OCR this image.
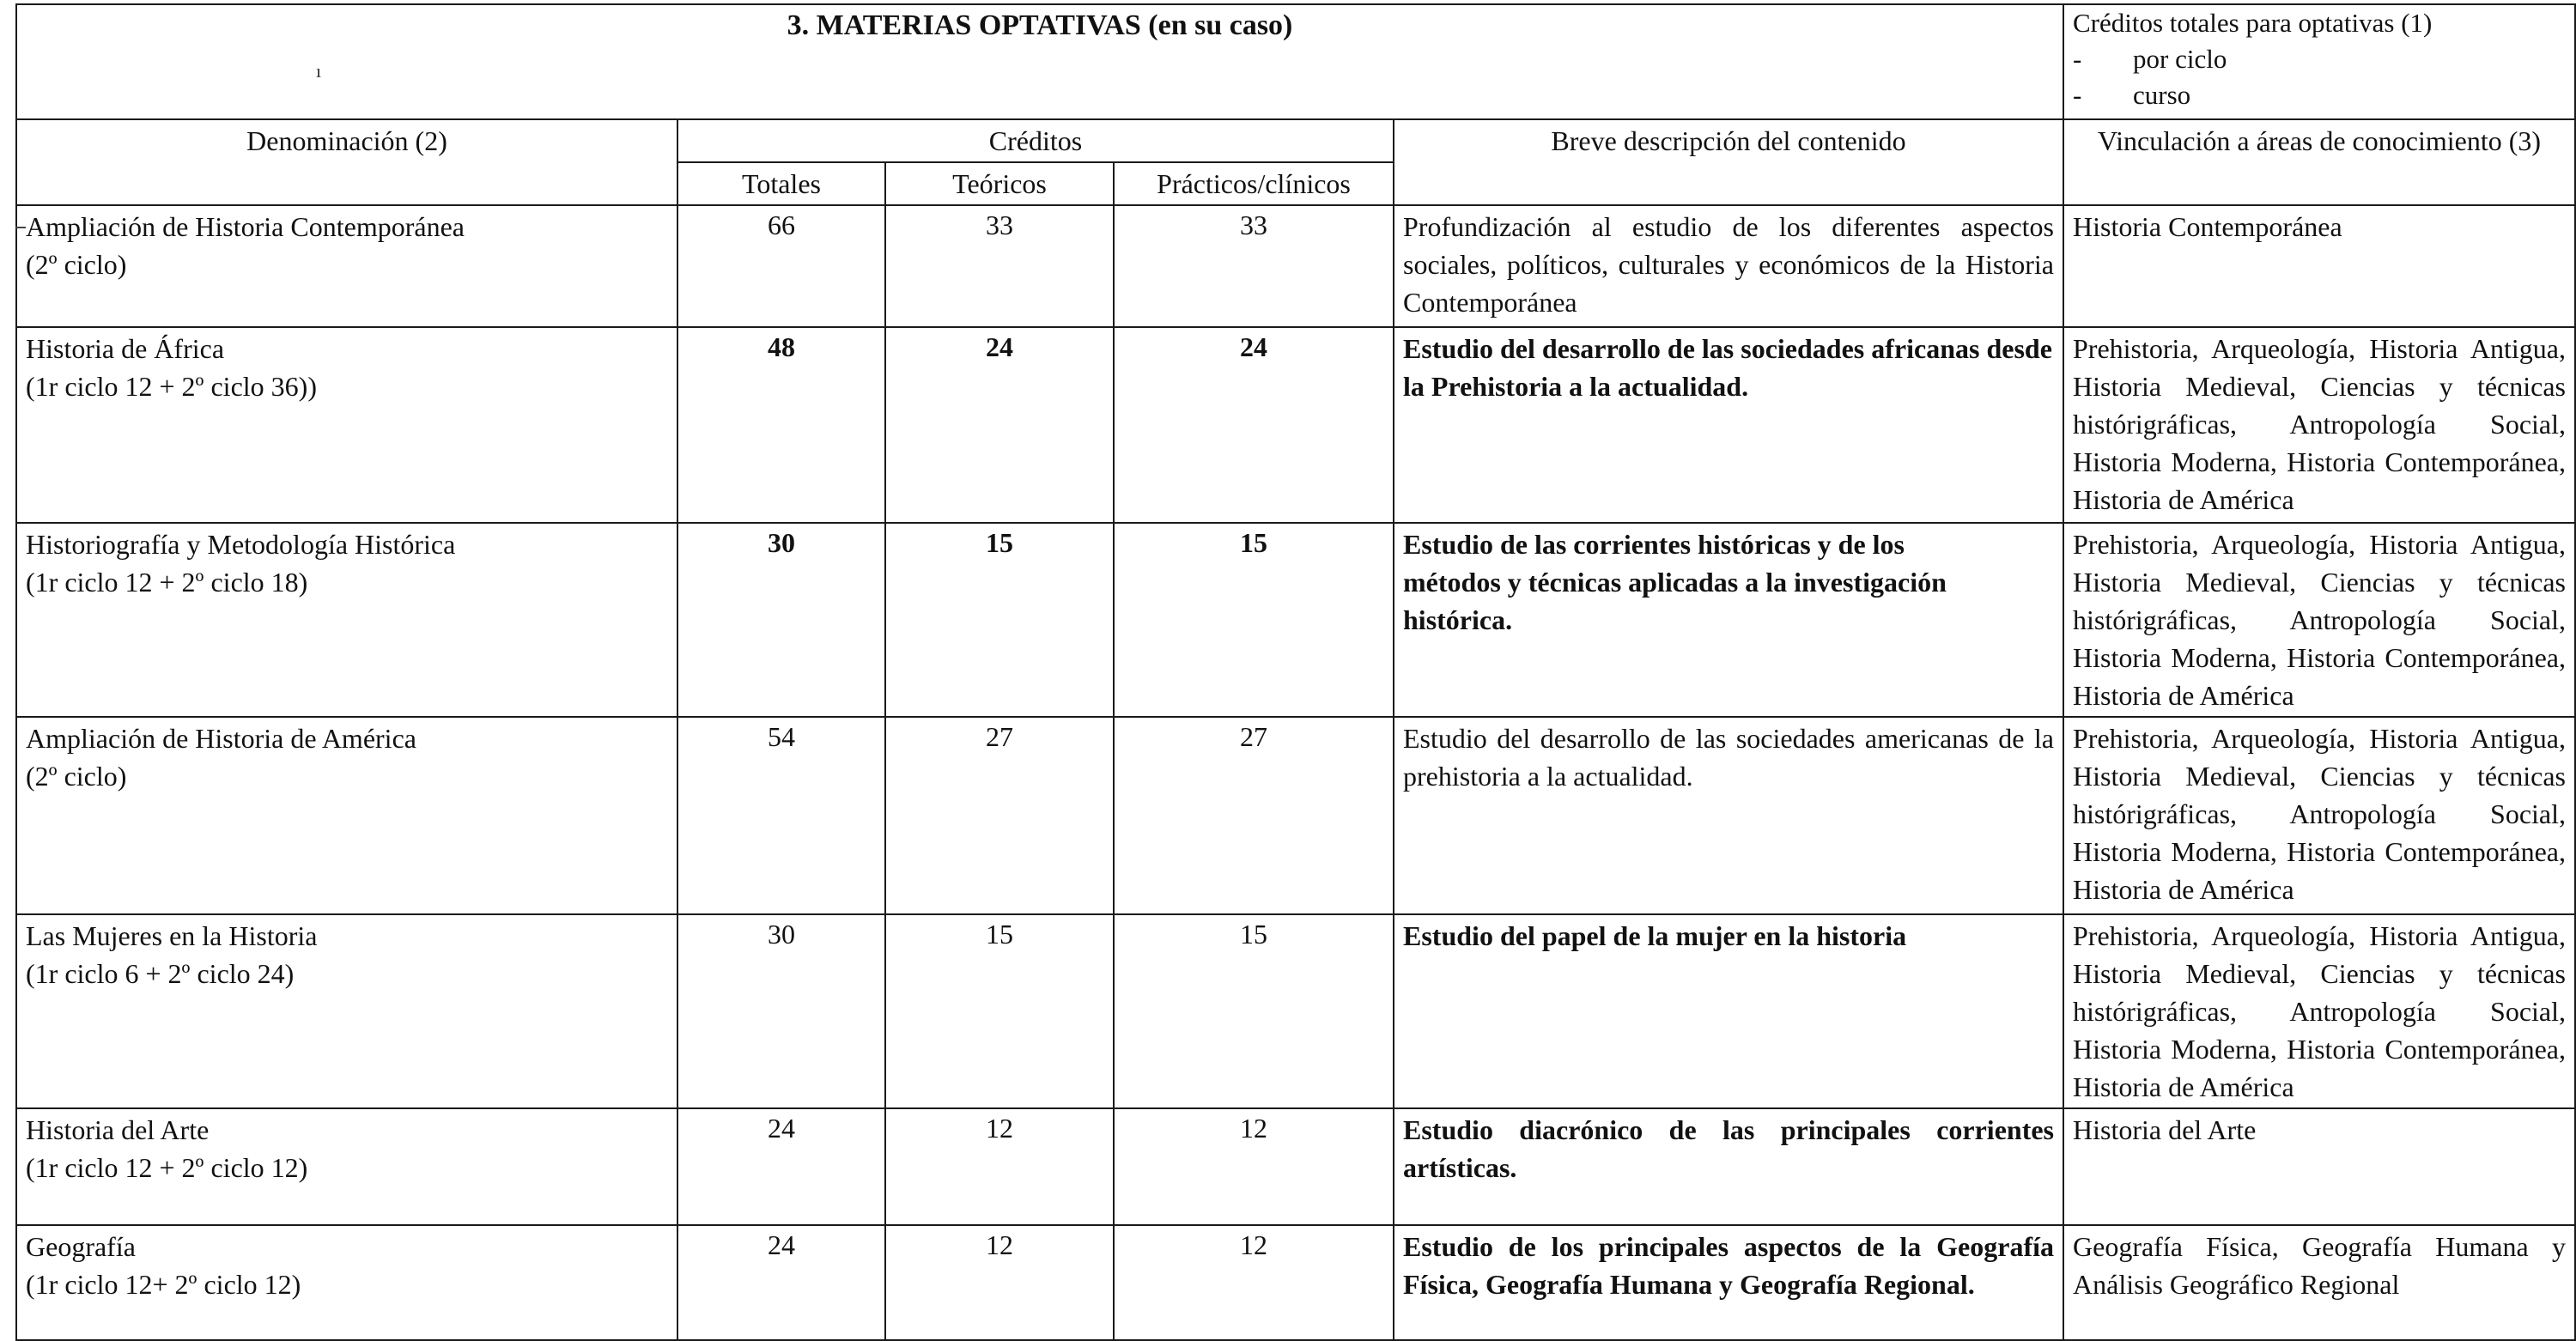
ı
3. MATERIAS OPTATIVAS (en su caso)					Créditos totales para optativas (1)
- por ciclo
- curso

Denominación (2)	Créditos			Breve descripción del contenido	Vinculación a áreas de conocimiento (3)
	Totales	Teóricos	Prácticos/clínicos		

Ampliación de Historia Contemporánea
(2º ciclo)	66	33	33	Profundización al estudio de los diferentes aspectos sociales, políticos, culturales y económicos de la Historia Contemporánea	Historia Contemporánea

Historia de África
(1r ciclo 12 + 2º ciclo 36))	48	24	24	Estudio del desarrollo de las sociedades africanas desde la Prehistoria a la actualidad.	Prehistoria, Arqueología, Historia Antigua, Historia Medieval, Ciencias y técnicas histórigráficas, Antropología Social, Historia Moderna, Historia Contemporánea, Historia de América

Historiografía y Metodología Histórica
(1r ciclo 12 + 2º ciclo 18)	30	15	15	Estudio de las corrientes históricas y de los métodos y técnicas aplicadas a la investigación histórica.	Prehistoria, Arqueología, Historia Antigua, Historia Medieval, Ciencias y técnicas histórigráficas, Antropología Social, Historia Moderna, Historia Contemporánea, Historia de América

Ampliación de Historia de América
(2º ciclo)	54	27	27	Estudio del desarrollo de las sociedades americanas de la prehistoria a la actualidad.	Prehistoria, Arqueología, Historia Antigua, Historia Medieval, Ciencias y técnicas histórigráficas, Antropología Social, Historia Moderna, Historia Contemporánea, Historia de América

Las Mujeres en la Historia
(1r ciclo 6 + 2º ciclo 24)	30	15	15	Estudio del papel de la mujer en la historia	Prehistoria, Arqueología, Historia Antigua, Historia Medieval, Ciencias y técnicas histórigráficas, Antropología Social, Historia Moderna, Historia Contemporánea, Historia de América

Historia del Arte
(1r ciclo 12 + 2º ciclo 12)	24	12	12	Estudio diacrónico de las principales corrientes artísticas.	Historia del Arte

Geografía
(1r ciclo 12+ 2º ciclo 12)	24	12	12	Estudio de los principales aspectos de la Geografía Física, Geografía Humana y Geografía Regional.	Geografía Física, Geografía Humana y Análisis Geográfico Regional
